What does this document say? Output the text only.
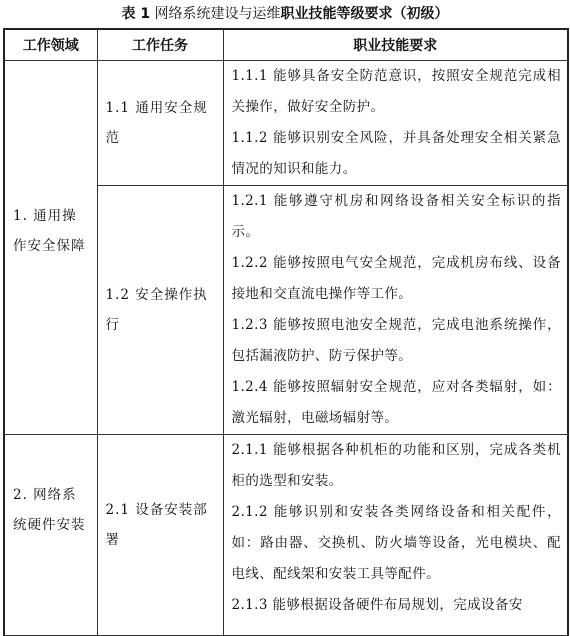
表 1 网络系统建设与运维职业技能等级要求（初级）
工作领域	工作任务	职业技能要求

1. 通用操作安全保障	1.1 通用安全规范	1.1.1 能够具备安全防范意识，按照安全规范完成相关操作，做好安全防护。
1.1.2 能够识别安全风险，并具备处理安全相关紧急情况的知识和能力。

	1.2 安全操作执行	1.2.1 能够遵守机房和网络设备相关安全标识的指示。
1.2.2 能够按照电气安全规范，完成机房布线、设备接地和交直流电操作等工作。
1.2.3 能够按照电池安全规范，完成电池系统操作，包括漏液防护、防亏保护等。
1.2.4 能够按照辐射安全规范，应对各类辐射，如：激光辐射，电磁场辐射等。

2. 网络系统硬件安装	2.1 设备安装部署	2.1.1 能够根据各种机柜的功能和区别，完成各类机柜的选型和安装。
2.1.2 能够识别和安装各类网络设备和相关配件，如：路由器、交换机、防火墙等设备，光电模块、配电线、配线架和安装工具等配件。
2.1.3 能够根据设备硬件布局规划，完成设备安
